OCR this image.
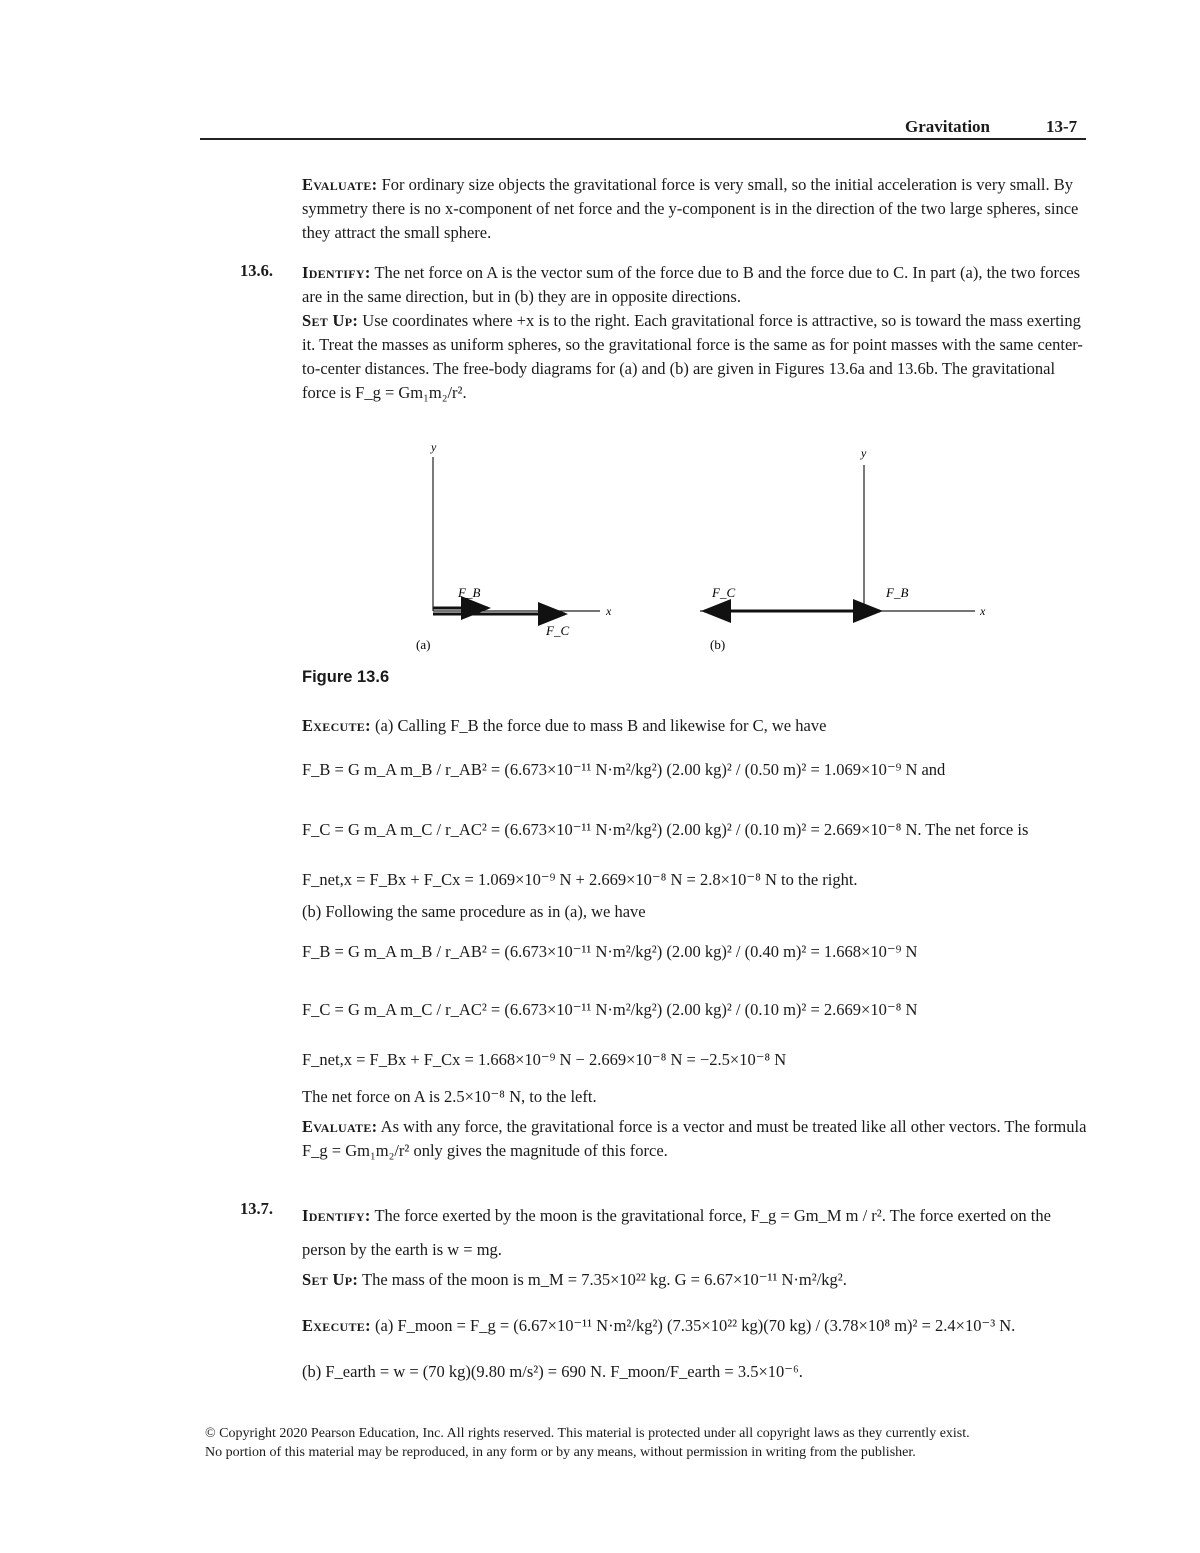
Gravitation	13-7
Evaluate: For ordinary size objects the gravitational force is very small, so the initial acceleration is very small. By symmetry there is no x-component of net force and the y-component is in the direction of the two large spheres, since they attract the small sphere.
13.6. Identify: The net force on A is the vector sum of the force due to B and the force due to C. In part (a), the two forces are in the same direction, but in (b) they are in opposite directions.
Set Up: Use coordinates where +x is to the right. Each gravitational force is attractive, so is toward the mass exerting it. Treat the masses as uniform spheres, so the gravitational force is the same as for point masses with the same center-to-center distances. The free-body diagrams for (a) and (b) are given in Figures 13.6a and 13.6b. The gravitational force is F_g = Gm₁m₂/r².
y
x
F_B
F_C
(a)
y
x
F_C	F_B
(b)
Figure 13.6
Execute: (a) Calling F_B the force due to mass B and likewise for C, we have
F_B = G m_A m_B / r_AB² = (6.673×10⁻¹¹ N·m²/kg²) (2.00 kg)² / (0.50 m)² = 1.069×10⁻⁹ N and
F_C = G m_A m_C / r_AC² = (6.673×10⁻¹¹ N·m²/kg²) (2.00 kg)² / (0.10 m)² = 2.669×10⁻⁸ N. The net force is
F_net,x = F_Bx + F_Cx = 1.069×10⁻⁹ N + 2.669×10⁻⁸ N = 2.8×10⁻⁸ N to the right.
(b) Following the same procedure as in (a), we have
F_B = G m_A m_B / r_AB² = (6.673×10⁻¹¹ N·m²/kg²) (2.00 kg)² / (0.40 m)² = 1.668×10⁻⁹ N
F_C = G m_A m_C / r_AC² = (6.673×10⁻¹¹ N·m²/kg²) (2.00 kg)² / (0.10 m)² = 2.669×10⁻⁸ N
F_net,x = F_Bx + F_Cx = 1.668×10⁻⁹ N − 2.669×10⁻⁸ N = −2.5×10⁻⁸ N
The net force on A is 2.5×10⁻⁸ N, to the left.
Evaluate: As with any force, the gravitational force is a vector and must be treated like all other vectors. The formula F_g = Gm₁m₂/r² only gives the magnitude of this force.
13.7. Identify: The force exerted by the moon is the gravitational force, F_g = Gm_M m / r². The force exerted on the person by the earth is w = mg.
Set Up: The mass of the moon is m_M = 7.35×10²² kg. G = 6.67×10⁻¹¹ N·m²/kg².
Execute: (a) F_moon = F_g = (6.67×10⁻¹¹ N·m²/kg²) (7.35×10²² kg)(70 kg) / (3.78×10⁸ m)² = 2.4×10⁻³ N.
(b) F_earth = w = (70 kg)(9.80 m/s²) = 690 N. F_moon/F_earth = 3.5×10⁻⁶.
© Copyright 2020 Pearson Education, Inc. All rights reserved. This material is protected under all copyright laws as they currently exist.
No portion of this material may be reproduced, in any form or by any means, without permission in writing from the publisher.
